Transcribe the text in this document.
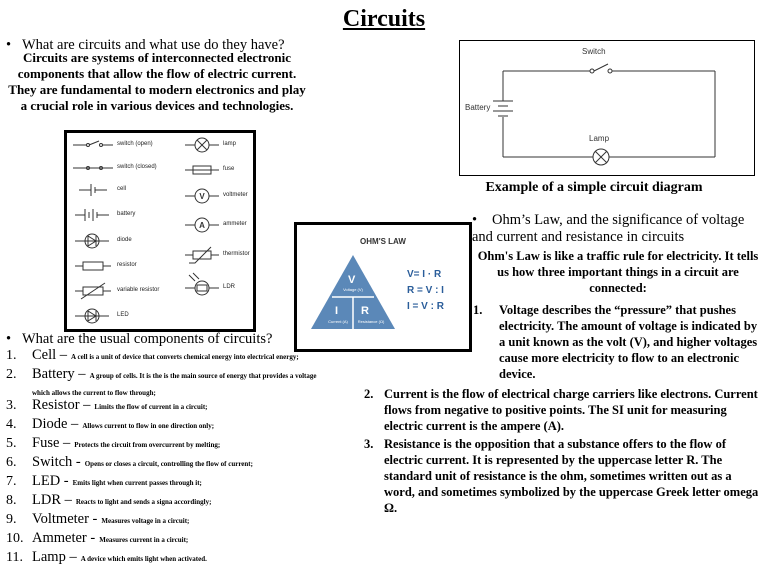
Circuits
• What are circuits and what use do they have?
Circuits are systems of interconnected electronic components that allow the flow of electric current. They are fundamental to modern electronics and play a crucial role in various devices and technologies.
V
A
switch (open)
switch (closed)
cell
battery
diode
resistor
variable resistor
LED
lamp
fuse
voltmeter
ammeter
thermistor
LDR
OHM'S LAW
V
Voltage (V)
I
Current (A)
R
Resistance (Ω)
V= I · R
R = V : I
I = V : R
Switch
Battery
Lamp
Example of a simple circuit diagram
• Ohm’s Law, and the significance of voltage and current and resistance in circuits
Ohm's Law is like a traffic rule for electricity. It tells us how three important things in a circuit are connected:
1. Voltage describes the “pressure” that pushes electricity. The amount of voltage is indicated by a unit known as the volt (V), and higher voltages cause more electricity to flow to an electronic device.
2. Current is the flow of electrical charge carriers like electrons. Current flows from negative to positive points. The SI unit for measuring electric current is the ampere (A).
3. Resistance is the opposition that a substance offers to the flow of electric current. It is represented by the uppercase letter R. The standard unit of resistance is the ohm, sometimes written out as a word, and sometimes symbolized by the uppercase Greek letter omega Ω.
• What are the usual components of circuits?
1. Cell – A cell is a unit of device that converts chemical energy into electrical energy;
2. Battery – A group of cells. It is the is the main source of energy that provides a voltage
which allows the current to flow through;
3. Resistor – Limits the flow of current in a circuit;
4. Diode – Allows current to flow in one direction only;
5. Fuse – Protects the circuit from overcurrent by melting;
6. Switch - Opens or closes a circuit, controlling the flow of current;
7. LED - Emits light when current passes through it;
8. LDR – Reacts to light and sends a signa accordingly;
9. Voltmeter - Measures voltage in a circuit;
10. Ammeter - Measures current in a circuit;
11. Lamp – A device which emits light when activated.
